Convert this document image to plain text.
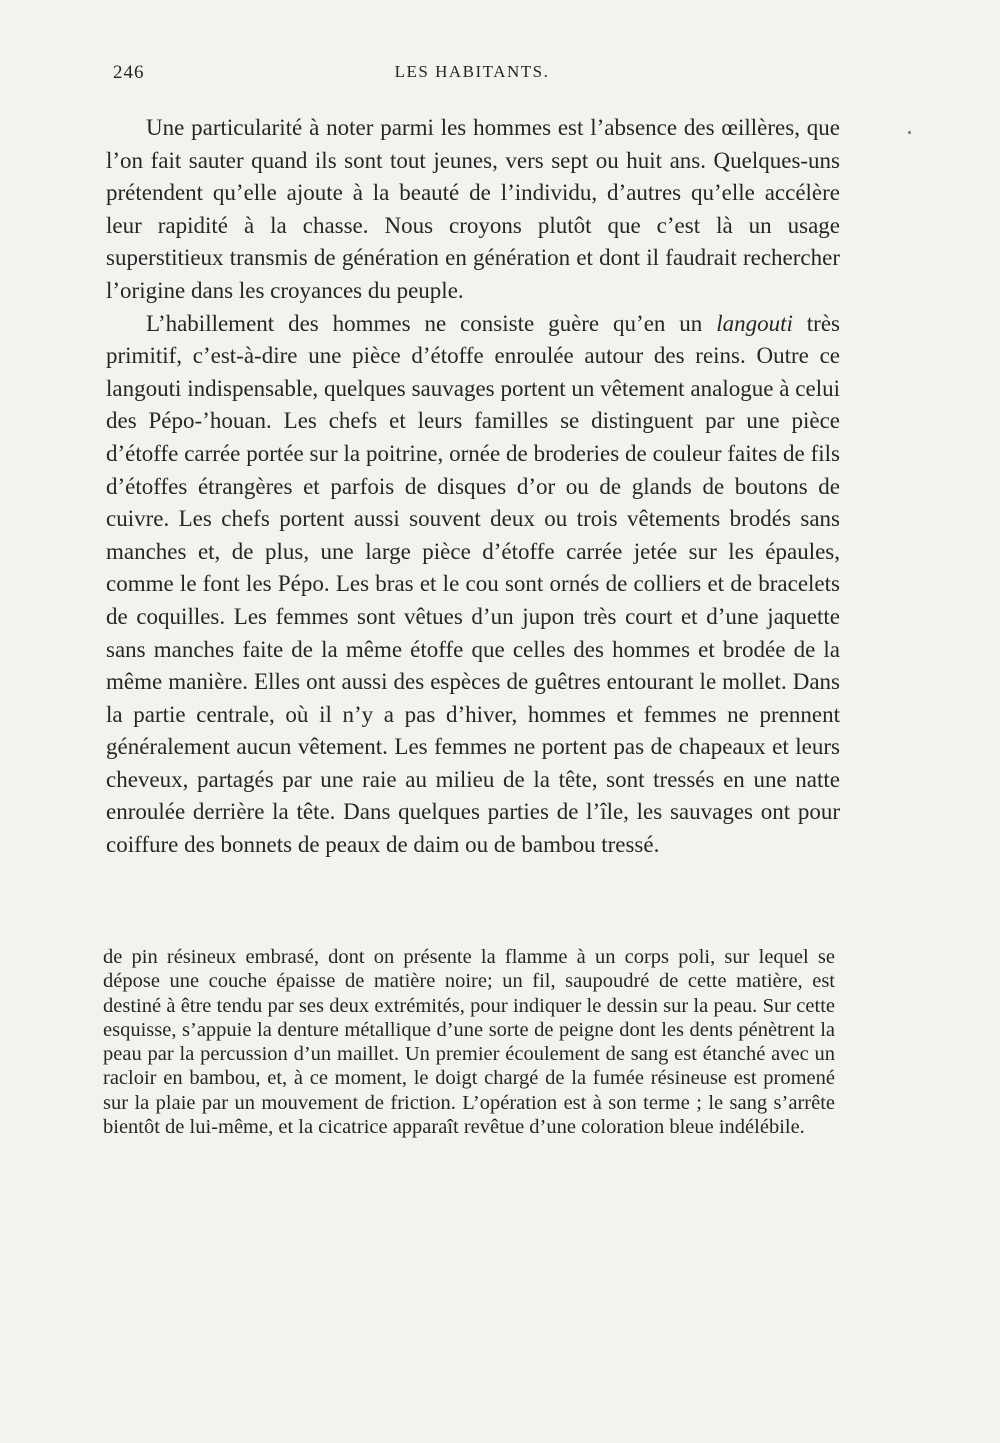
246	LES HABITANTS.

Une particularité à noter parmi les hommes est l’absence des œillères, que l’on fait sauter quand ils sont tout jeunes, vers sept ou huit ans. Quelques-uns prétendent qu’elle ajoute à la beauté de l’individu, d’autres qu’elle accélère leur rapidité à la chasse. Nous croyons plutôt que c’est là un usage superstitieux transmis de génération en génération et dont il faudrait rechercher l’origine dans les croyances du peuple.

L’habillement des hommes ne consiste guère qu’en un langouti très primitif, c’est-à-dire une pièce d’étoffe enroulée autour des reins. Outre ce langouti indispensable, quelques sauvages portent un vêtement analogue à celui des Pépo-’houan. Les chefs et leurs familles se distinguent par une pièce d’étoffe carrée portée sur la poitrine, ornée de broderies de couleur faites de fils d’étoffes étrangères et parfois de disques d’or ou de glands de boutons de cuivre. Les chefs portent aussi souvent deux ou trois vêtements brodés sans manches et, de plus, une large pièce d’étoffe carrée jetée sur les épaules, comme le font les Pépo. Les bras et le cou sont ornés de colliers et de bracelets de coquilles. Les femmes sont vêtues d’un jupon très court et d’une jaquette sans manches faite de la même étoffe que celles des hommes et brodée de la même manière. Elles ont aussi des espèces de guêtres entourant le mollet. Dans la partie centrale, où il n’y a pas d’hiver, hommes et femmes ne prennent généralement aucun vêtement. Les femmes ne portent pas de chapeaux et leurs cheveux, partagés par une raie au milieu de la tête, sont tressés en une natte enroulée derrière la tête. Dans quelques parties de l’île, les sauvages ont pour coiffure des bonnets de peaux de daim ou de bambou tressé.

de pin résineux embrasé, dont on présente la flamme à un corps poli, sur lequel se dépose une couche épaisse de matière noire; un fil, saupoudré de cette matière, est destiné à être tendu par ses deux extrémités, pour indiquer le dessin sur la peau. Sur cette esquisse, s’appuie la denture métallique d’une sorte de peigne dont les dents pénètrent la peau par la percussion d’un maillet. Un premier écoulement de sang est étanché avec un racloir en bambou, et, à ce moment, le doigt chargé de la fumée résineuse est promené sur la plaie par un mouvement de friction. L’opération est à son terme ; le sang s’arrête bientôt de lui-même, et la cicatrice apparaît revêtue d’une coloration bleue indélébile.
